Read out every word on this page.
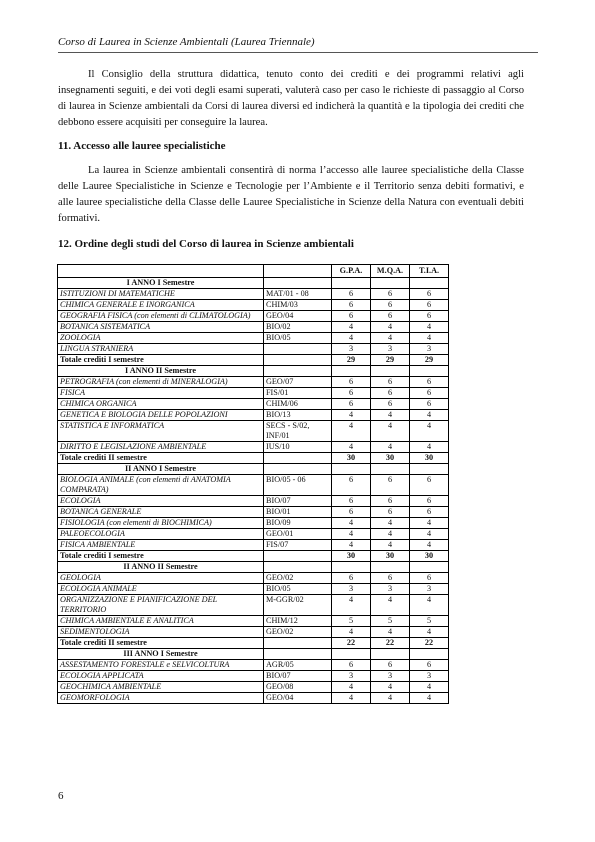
Corso di Laurea in Scienze Ambientali (Laurea Triennale)

Il Consiglio della struttura didattica, tenuto conto dei crediti e dei programmi relativi agli insegnamenti seguiti, e dei voti degli esami superati, valuterà caso per caso le richieste di passaggio al Corso di laurea in Scienze ambientali da Corsi di laurea diversi ed indicherà la quantità e la tipologia dei crediti che debbono essere acquisiti per conseguire la laurea.

11. Accesso alle lauree specialistiche

La laurea in Scienze ambientali consentirà di norma l’accesso alle lauree specialistiche della Classe delle Lauree Specialistiche in Scienze e Tecnologie per l’Ambiente e il Territorio senza debiti formativi, e alle lauree specialistiche della Classe delle Lauree Specialistiche in Scienze della Natura con eventuali debiti formativi.

12. Ordine degli studi del Corso di laurea in Scienze ambientali
		G.P.A.	M.Q.A.	T.I.A.
I ANNO I Semestre				
ISTITUZIONI DI MATEMATICHE	MAT/01 - 08	6	6	6
CHIMICA GENERALE E INORGANICA	CHIM/03	6	6	6
GEOGRAFIA FISICA (con elementi di CLIMATOLOGIA)	GEO/04	6	6	6
BOTANICA SISTEMATICA	BIO/02	4	4	4
ZOOLOGIA	BIO/05	4	4	4
LINGUA STRANIERA		3	3	3
Totale crediti I semestre		29	29	29
I ANNO II Semestre				
PETROGRAFIA (con elementi di MINERALOGIA)	GEO/07	6	6	6
FISICA	FIS/01	6	6	6
CHIMICA ORGANICA	CHIM/06	6	6	6
GENETICA E BIOLOGIA DELLE POPOLAZIONI	BIO/13	4	4	4
STATISTICA E INFORMATICA	SECS - S/02, INF/01	4	4	4
DIRITTO E LEGISLAZIONE AMBIENTALE	IUS/10	4	4	4
Totale crediti II semestre		30	30	30
II ANNO I Semestre				
BIOLOGIA ANIMALE (con elementi di ANATOMIA COMPARATA)	BIO/05 - 06	6	6	6
ECOLOGIA	BIO/07	6	6	6
BOTANICA GENERALE	BIO/01	6	6	6
FISIOLOGIA (con elementi di BIOCHIMICA)	BIO/09	4	4	4
PALEOECOLOGIA	GEO/01	4	4	4
FISICA AMBIENTALE	FIS/07	4	4	4
Totale crediti I semestre		30	30	30
II ANNO II Semestre				
GEOLOGIA	GEO/02	6	6	6
ECOLOGIA ANIMALE	BIO/05	3	3	3
ORGANIZZAZIONE E PIANIFICAZIONE DEL TERRITORIO	M-GGR/02	4	4	4
CHIMICA AMBIENTALE E ANALITICA	CHIM/12	5	5	5
SEDIMENTOLOGIA	GEO/02	4	4	4
Totale crediti II semestre		22	22	22
III ANNO I Semestre				
ASSESTAMENTO FORESTALE e SELVICOLTURA	AGR/05	6	6	6
ECOLOGIA APPLICATA	BIO/07	3	3	3
GEOCHIMICA AMBIENTALE	GEO/08	4	4	4
GEOMORFOLOGIA	GEO/04	4	4	4
6
